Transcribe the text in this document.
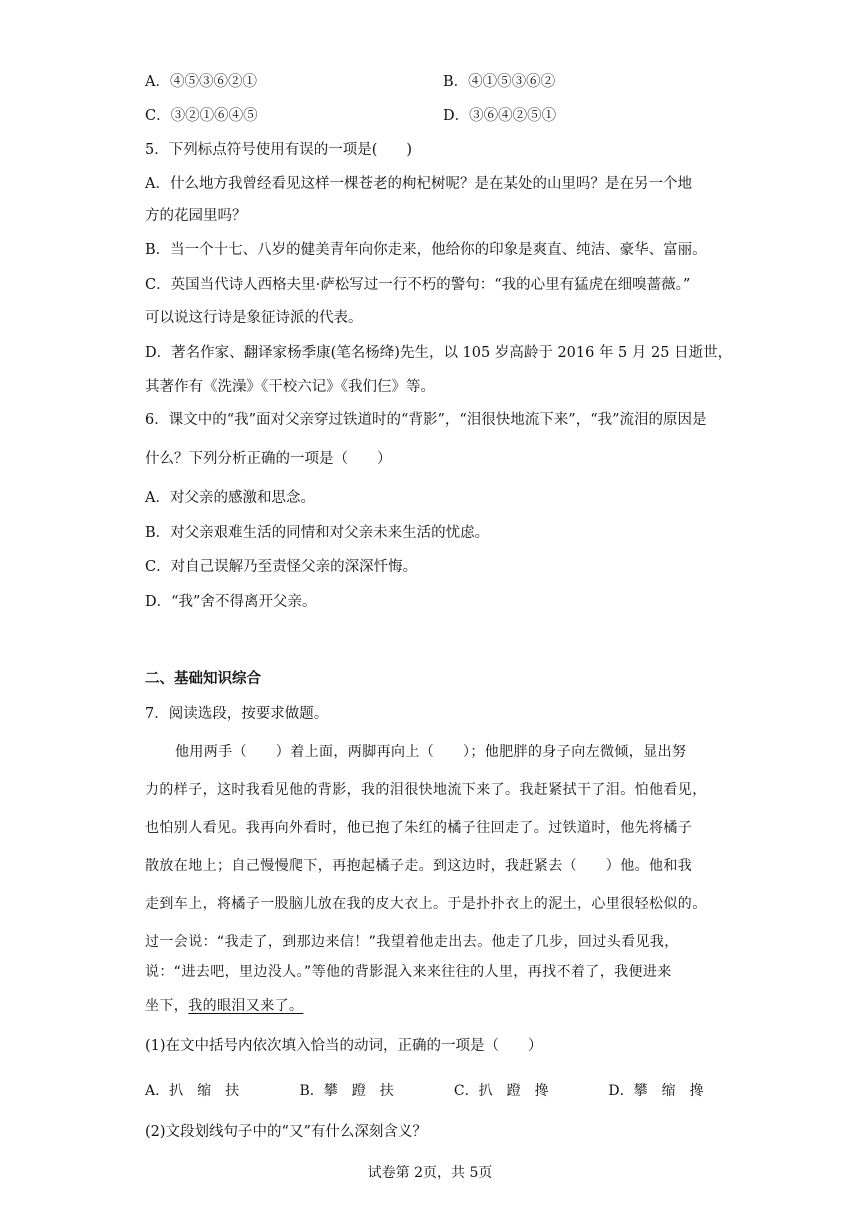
A．④⑤③⑥②①	B．④①⑤③⑥②
C．③②①⑥④⑤	D．③⑥④②⑤①
5．下列标点符号使用有误的一项是(　　)
A．什么地方我曾经看见这样一棵苍老的枸杞树呢？是在某处的山里吗？是在另一个地
方的花园里吗？
B．当一个十七、八岁的健美青年向你走来，他给你的印象是爽直、纯洁、豪华、富丽。
C．英国当代诗人西格夫里·萨松写过一行不朽的警句：“我的心里有猛虎在细嗅蔷薇。”
可以说这行诗是象征诗派的代表。
D．著名作家、翻译家杨季康(笔名杨绛)先生，以 105 岁高龄于 2016 年 5 月 25 日逝世，
其著作有《洗澡》《干校六记》《我们仨》等。
6．课文中的“我”面对父亲穿过铁道时的“背影”，“泪很快地流下来”，“我”流泪的原因是
什么？下列分析正确的一项是（　　）
A．对父亲的感激和思念。
B．对父亲艰难生活的同情和对父亲未来生活的忧虑。
C．对自己误解乃至责怪父亲的深深忏悔。
D．“我”舍不得离开父亲。
二、基础知识综合
7．阅读选段，按要求做题。
他用两手（　　）着上面，两脚再向上（　　）；他肥胖的身子向左微倾，显出努
力的样子，这时我看见他的背影，我的泪很快地流下来了。我赶紧拭干了泪。怕他看见，
也怕别人看见。我再向外看时，他已抱了朱红的橘子往回走了。过铁道时，他先将橘子
散放在地上；自己慢慢爬下，再抱起橘子走。到这边时，我赶紧去（　　）他。他和我
走到车上，将橘子一股脑儿放在我的皮大衣上。于是扑扑衣上的泥土，心里很轻松似的。
过一会说：“我走了，到那边来信！”我望着他走出去。他走了几步，回过头看见我，
说：“进去吧，里边没人。”等他的背影混入来来往往的人里，再找不着了，我便进来
坐下，我的眼泪又来了。
(1)在文中括号内依次填入恰当的动词，正确的一项是（　　）
A．扒 缩 扶	B．攀 蹬 扶	C．扒 蹬 搀	D．攀 缩 搀
(2)文段划线句子中的“又”有什么深刻含义？
试卷第 2页，共 5页
